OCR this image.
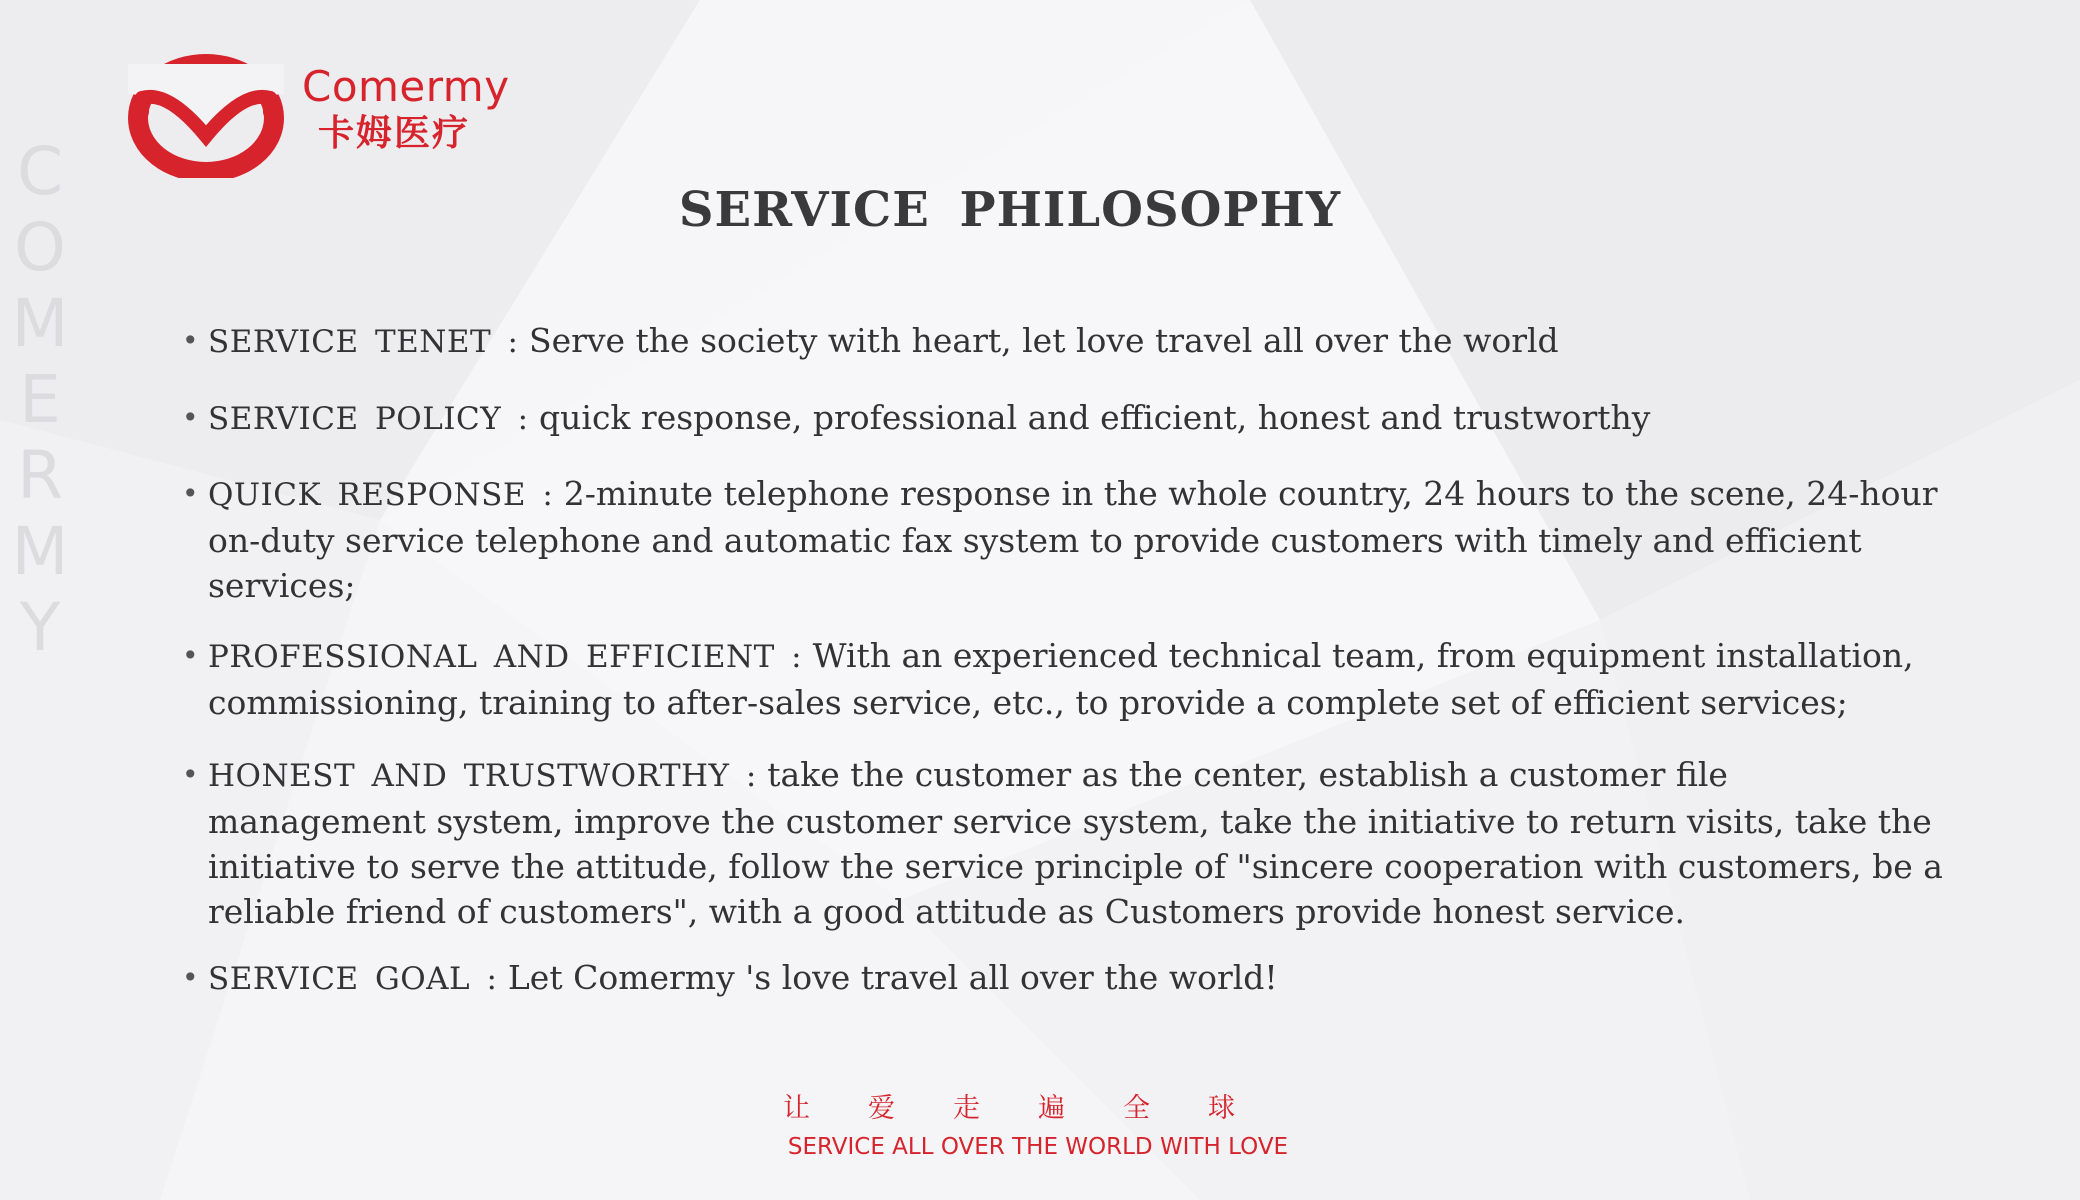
Comermy
卡姆医疗
COMERMY
SERVICE PHILOSOPHY
• SERVICE TENET : Serve the society with heart, let love travel all over the world
• SERVICE POLICY : quick response, professional and efficient, honest and trustworthy
• QUICK RESPONSE : 2-minute telephone response in the whole country, 24 hours to the scene, 24-hour on-duty service telephone and automatic fax system to provide customers with timely and efficient services;
• PROFESSIONAL AND EFFICIENT : With an experienced technical team, from equipment installation, commissioning, training to after-sales service, etc., to provide a complete set of efficient services;
• HONEST AND TRUSTWORTHY : take the customer as the center, establish a customer file management system, improve the customer service system, take the initiative to return visits, take the initiative to serve the attitude, follow the service principle of "sincere cooperation with customers, be a reliable friend of customers", with a good attitude as Customers provide honest service.
• SERVICE GOAL : Let Comermy 's love travel all over the world!
让爱走遍全球
SERVICE ALL OVER THE WORLD WITH LOVE
